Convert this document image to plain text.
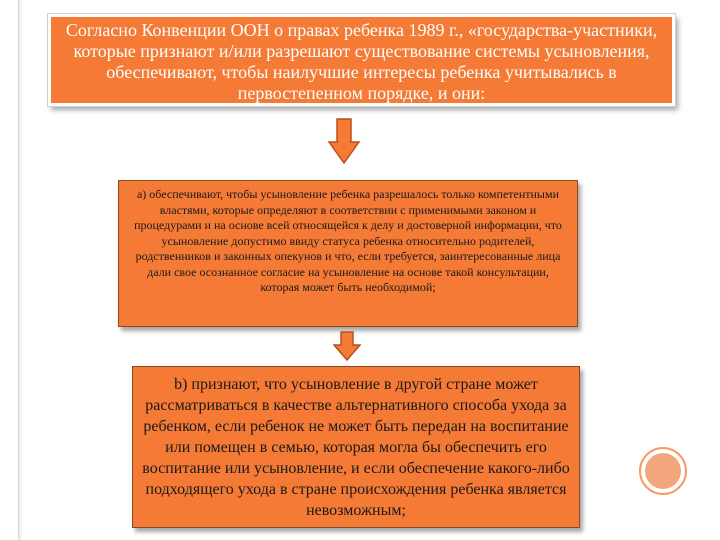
Согласно Конвенции ООН о правах ребенка 1989 г., «государства-участники, которые признают и/или разрешают существование системы усыновления, обеспечивают, чтобы наилучшие интересы ребенка учитывались в первостепенном порядке, и они:
a) обеспечивают, чтобы усыновление ребенка разрешалось только компетентными властями, которые определяют в соответствии с применимыми законом и процедурами и на основе всей относящейся к делу и достоверной информации, что усыновление допустимо ввиду статуса ребенка относительно родителей, родственников и законных опекунов и что, если требуется, заинтересованные лица дали свое осознанное согласие на усыновление на основе такой консультации, которая может быть необходимой;
b) признают, что усыновление в другой стране может рассматриваться в качестве альтернативного способа ухода за ребенком, если ребенок не может быть передан на воспитание или помещен в семью, которая могла бы обеспечить его воспитание или усыновление, и если обеспечение какого-либо подходящего ухода в стране происхождения ребенка является невозможным;
